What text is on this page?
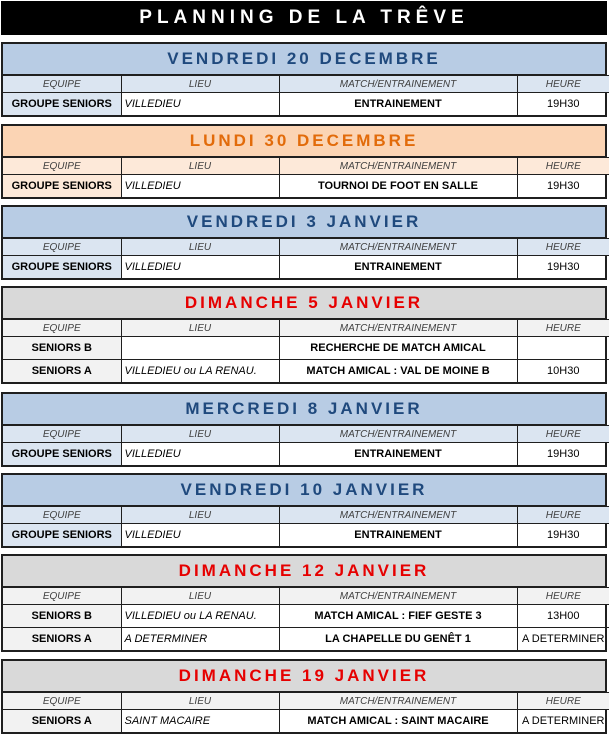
PLANNING DE LA TRÊVE
VENDREDI 20 DECEMBRE
EQUIPE	LIEU	MATCH/ENTRAINEMENT	HEURE
GROUPE SENIORS	VILLEDIEU	ENTRAINEMENT	19H30
LUNDI 30 DECEMBRE
EQUIPE	LIEU	MATCH/ENTRAINEMENT	HEURE
GROUPE SENIORS	VILLEDIEU	TOURNOI DE FOOT EN SALLE	19H30
VENDREDI 3 JANVIER
EQUIPE	LIEU	MATCH/ENTRAINEMENT	HEURE
GROUPE SENIORS	VILLEDIEU	ENTRAINEMENT	19H30
DIMANCHE 5 JANVIER
EQUIPE	LIEU	MATCH/ENTRAINEMENT	HEURE
SENIORS B		RECHERCHE DE MATCH AMICAL	
SENIORS A	VILLEDIEU ou LA RENAU.	MATCH AMICAL : VAL DE MOINE B	10H30
MERCREDI 8 JANVIER
EQUIPE	LIEU	MATCH/ENTRAINEMENT	HEURE
GROUPE SENIORS	VILLEDIEU	ENTRAINEMENT	19H30
VENDREDI 10 JANVIER
EQUIPE	LIEU	MATCH/ENTRAINEMENT	HEURE
GROUPE SENIORS	VILLEDIEU	ENTRAINEMENT	19H30
DIMANCHE 12 JANVIER
EQUIPE	LIEU	MATCH/ENTRAINEMENT	HEURE
SENIORS B	VILLEDIEU ou LA RENAU.	MATCH AMICAL : FIEF GESTE 3	13H00
SENIORS A	A DETERMINER	LA CHAPELLE DU GENÊT 1	A DETERMINER
DIMANCHE 19 JANVIER
EQUIPE	LIEU	MATCH/ENTRAINEMENT	HEURE
SENIORS A	SAINT MACAIRE	MATCH AMICAL : SAINT MACAIRE	A DETERMINER
